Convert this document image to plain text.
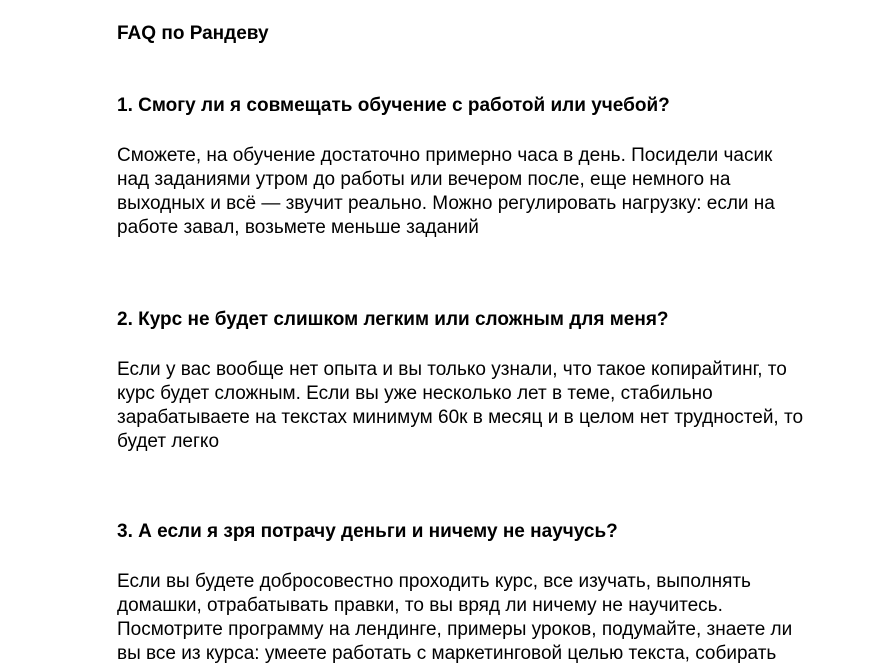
FAQ по Рандеву
1. Смогу ли я совмещать обучение с работой или учебой?

Сможете, на обучение достаточно примерно часа в день. Посидели часик
над заданиями утром до работы или вечером после, еще немного на
выходных и всё — звучит реально. Можно регулировать нагрузку: если на
работе завал, возьмете меньше заданий

2. Курс не будет слишком легким или сложным для меня?

Если у вас вообще нет опыта и вы только узнали, что такое копирайтинг, то
курс будет сложным. Если вы уже несколько лет в теме, стабильно
зарабатываете на текстах минимум 60к в месяц и в целом нет трудностей, то
будет легко

3. А если я зря потрачу деньги и ничему не научусь?

Если вы будете добросовестно проходить курс, все изучать, выполнять
домашки, отрабатывать правки, то вы вряд ли ничему не научитесь.
Посмотрите программу на лендинге, примеры уроков, подумайте, знаете ли
вы все из курса: умеете работать с маркетинговой целью текста, собирать
